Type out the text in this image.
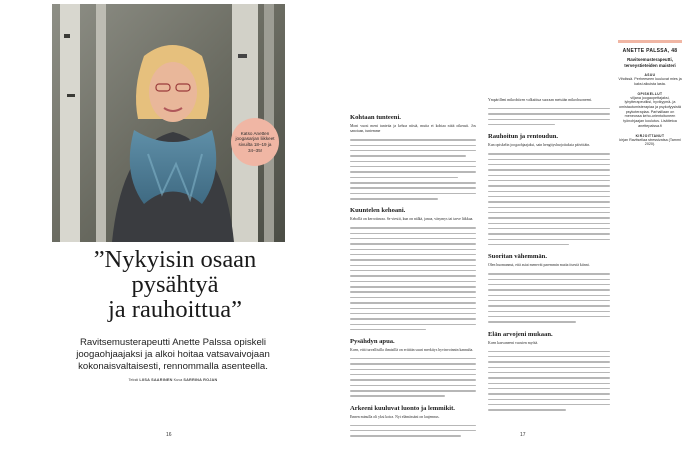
Katso Anetten joogasarjan liikkeet sivuilta 18–19 ja 34–35!
”Nykyisin osaan
pysähtyä
ja rauhoittua”
Ravitsemusterapeutti Anette Palssa opiskeli joogaohjaajaksi ja alkoi hoitaa vatsavaivojaan kokonaisvaltaisesti, rennommalla asenteella.
Teksti LIISA SAARINEN Kuva SARRINA ROJAN
16
Kohtaan tunteeni.

Moni vuosi meni tunteita ja kehoa niistä, mutta ei kohtaa niitä oikeasti. Jos sanotaan, tuntemme

Kuuntelen kehoani.

Kehollä on kerrottavaa. Se viestii, kun on nälkä, janoa, väsymys tai tarve liikkua.

Pysähdyn apua.

Koen, että turvallisilla ihmisillä on erittäin suuri merkitys hyvinvoinnin kannalta.

Arkeeni kuuluvat luonto ja lemmikit.

Ennen minulla oli yksi koira. Nyt elämässäni on laajennus.

Ympärilleni mikrohiiren valkaittua suoraan metsään mikrohuoneeni.

Rauhoitun ja rentoudun.

Kun opiskelin joogaohjaajaksi, sain hengitysharjoituksia päivittäin.

Suoritan vähemmän.

Olen huomannut, että asiat menevät paremmin mutta itsestä kiinni.

Elän arvojeni mukaan.

Koen kasvaneeni vuosien myötä.

ANETTE PALSSA, 48
Ravitsemusterapeutti, terveystieteiden maisteri
ASUU
Vihdissä. Perheeseen kuuluvat mies ja kaksi aikuista lasta.
OPISKELLUT
viljana joogaopettajaksi, lyhytterapeutiksi, hyvikyymä- ja omistautumisterapiaa ja psykofyysistä psykoterapiaa. Parhaillaan on meneossa keho-orientoituneen työnohjaajan koulutus. Lisätietoa anettepalssa.fi
KIRJOITTANUT
kirjan Ravitsellaa stressivatsa (Tammi 2020).
17
